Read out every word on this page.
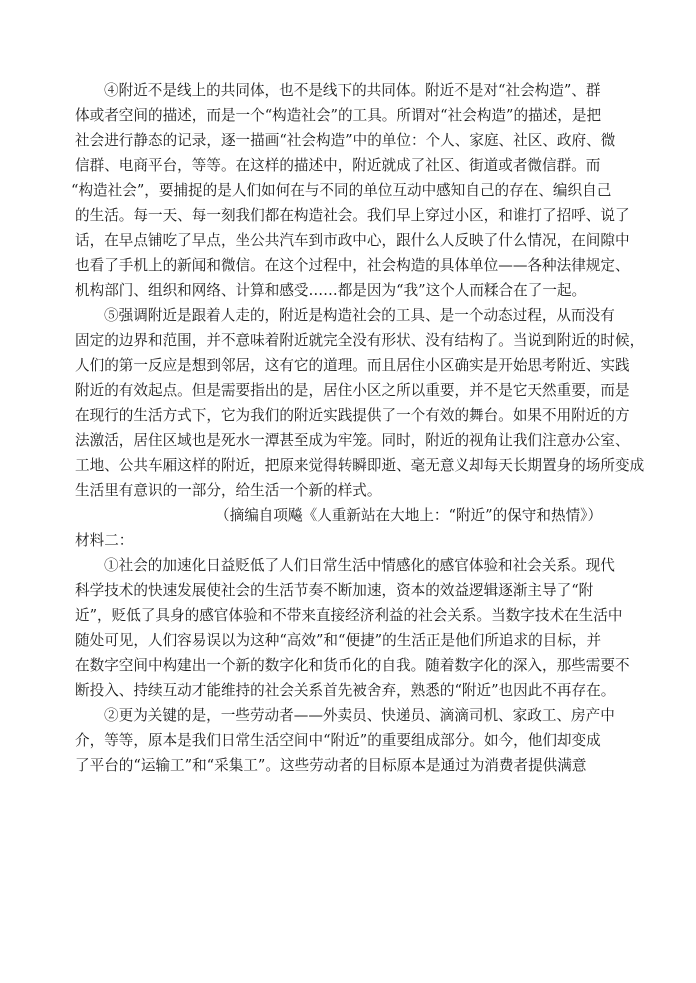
④附近不是线上的共同体，也不是线下的共同体。附近不是对“社会构造”、群
体或者空间的描述，而是一个“构造社会”的工具。所谓对“社会构造”的描述，是把
社会进行静态的记录，逐一描画“社会构造”中的单位：个人、家庭、社区、政府、微
信群、电商平台，等等。在这样的描述中，附近就成了社区、街道或者微信群。而
“构造社会”，要捕捉的是人们如何在与不同的单位互动中感知自己的存在、编织自己
的生活。每一天、每一刻我们都在构造社会。我们早上穿过小区，和谁打了招呼、说了
话，在早点铺吃了早点，坐公共汽车到市政中心，跟什么人反映了什么情况，在间隙中
也看了手机上的新闻和微信。在这个过程中，社会构造的具体单位——各种法律规定、
机构部门、组织和网络、计算和感受……都是因为“我”这个人而糅合在了一起。
⑤强调附近是跟着人走的，附近是构造社会的工具、是一个动态过程，从而没有
固定的边界和范围，并不意味着附近就完全没有形状、没有结构了。当说到附近的时候，
人们的第一反应是想到邻居，这有它的道理。而且居住小区确实是开始思考附近、实践
附近的有效起点。但是需要指出的是，居住小区之所以重要，并不是它天然重要，而是
在现行的生活方式下，它为我们的附近实践提供了一个有效的舞台。如果不用附近的方
法激活，居住区域也是死水一潭甚至成为牢笼。同时，附近的视角让我们注意办公室、
工地、公共车厢这样的附近，把原来觉得转瞬即逝、毫无意义却每天长期置身的场所变成
生活里有意识的一部分，给生活一个新的样式。
（摘编自项飚《人重新站在大地上：“附近”的保守和热情》）
材料二：
①社会的加速化日益贬低了人们日常生活中情感化的感官体验和社会关系。现代
科学技术的快速发展使社会的生活节奏不断加速，资本的效益逻辑逐渐主导了“附
近”，贬低了具身的感官体验和不带来直接经济利益的社会关系。当数字技术在生活中
随处可见，人们容易误以为这种“高效”和“便捷”的生活正是他们所追求的目标，并
在数字空间中构建出一个新的数字化和货币化的自我。随着数字化的深入，那些需要不
断投入、持续互动才能维持的社会关系首先被舍弃，熟悉的“附近”也因此不再存在。
②更为关键的是，一些劳动者——外卖员、快递员、滴滴司机、家政工、房产中
介，等等，原本是我们日常生活空间中“附近”的重要组成部分。如今，他们却变成
了平台的“运输工”和“采集工”。这些劳动者的目标原本是通过为消费者提供满意
